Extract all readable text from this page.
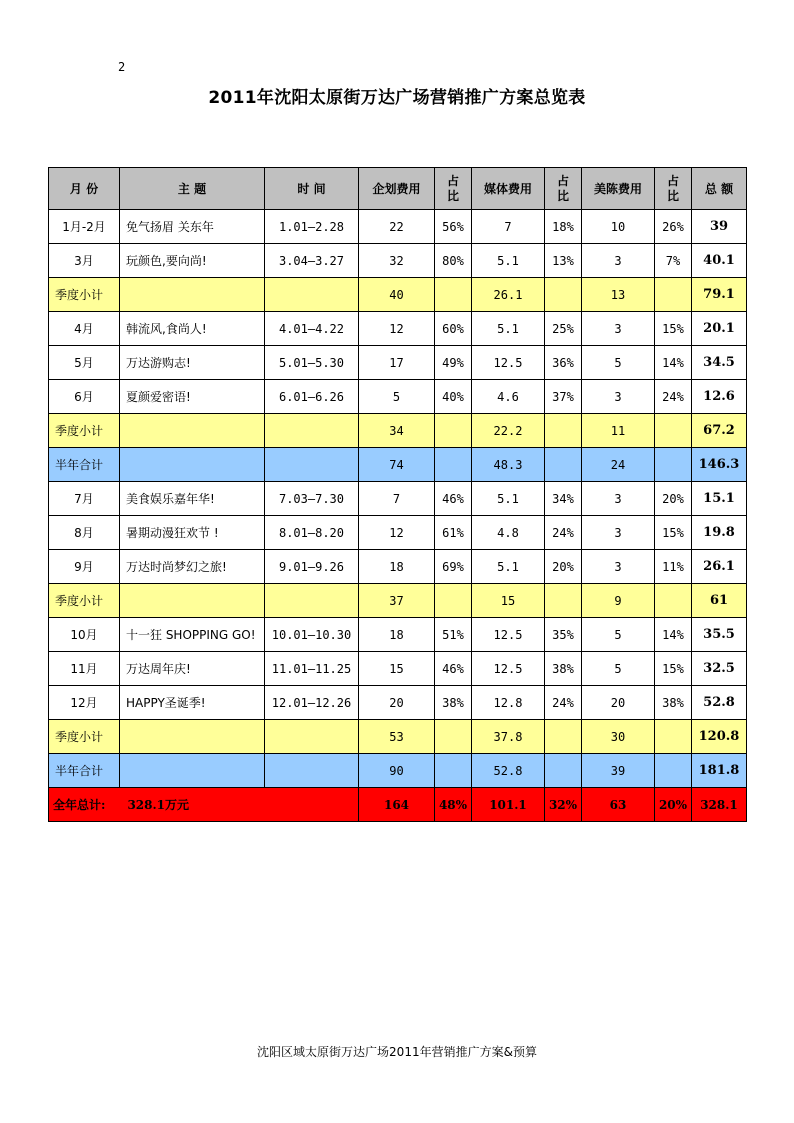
2
2011年沈阳太原街万达广场营销推广方案总览表
月 份	主 题	时 间	企划费用	占比	媒体费用	占比	美陈费用	占比	总 额
1月-2月	免气扬眉 关东年	1.01—2.28	22	56%	7	18%	10	26%	39
3月	玩颜色,要向尚!	3.04—3.27	32	80%	5.1	13%	3	7%	40.1
季度小计			40		26.1		13		79.1
4月	韩流风,食尚人!	4.01—4.22	12	60%	5.1	25%	3	15%	20.1
5月	万达游购志!	5.01—5.30	17	49%	12.5	36%	5	14%	34.5
6月	夏颜爱密语!	6.01—6.26	5	40%	4.6	37%	3	24%	12.6
季度小计			34		22.2		11		67.2
半年合计			74		48.3		24		146.3
7月	美食娱乐嘉年华!	7.03—7.30	7	46%	5.1	34%	3	20%	15.1
8月	暑期动漫狂欢节 !	8.01—8.20	12	61%	4.8	24%	3	15%	19.8
9月	万达时尚梦幻之旅!	9.01—9.26	18	69%	5.1	20%	3	11%	26.1
季度小计			37		15		9		61
10月	十一狂 SHOPPING GO!	10.01—10.30	18	51%	12.5	35%	5	14%	35.5
11月	万达周年庆!	11.01—11.25	15	46%	12.5	38%	5	15%	32.5
12月	HAPPY圣诞季!	12.01—12.26	20	38%	12.8	24%	20	38%	52.8
季度小计			53		37.8		30		120.8
半年合计			90		52.8		39		181.8
全年总计: 328.1万元			164	48%	101.1	32%	63	20%	328.1
沈阳区域太原街万达广场2011年营销推广方案&预算
